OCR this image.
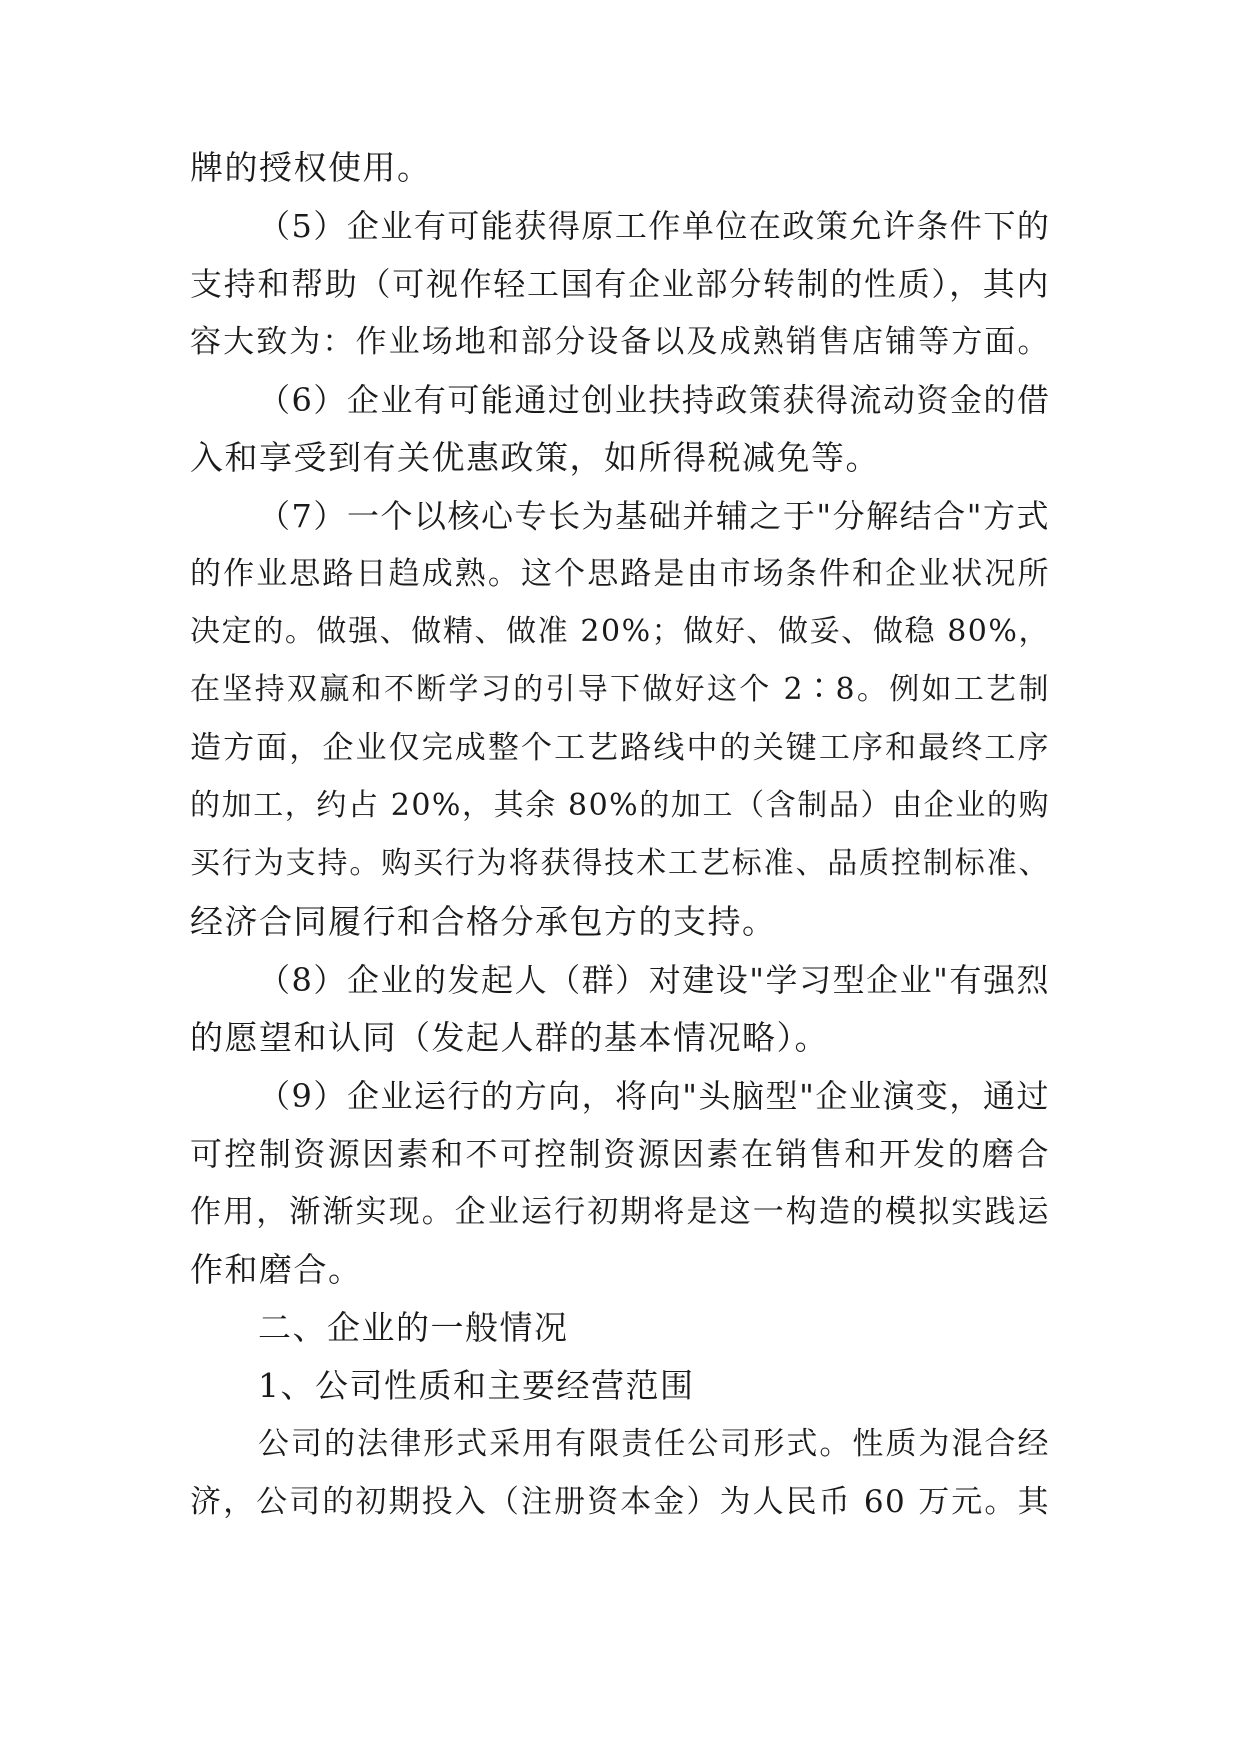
牌的授权使用。
（5）企业有可能获得原工作单位在政策允许条件下的
支持和帮助（可视作轻工国有企业部分转制的性质），其内
容大致为：作业场地和部分设备以及成熟销售店铺等方面。
（6）企业有可能通过创业扶持政策获得流动资金的借
入和享受到有关优惠政策，如所得税减免等。
（7）一个以核心专长为基础并辅之于"分解结合"方式
的作业思路日趋成熟。这个思路是由市场条件和企业状况所
决定的。做强、做精、做准 20%；做好、做妥、做稳 80%，
在坚持双赢和不断学习的引导下做好这个 2∶8。例如工艺制
造方面，企业仅完成整个工艺路线中的关键工序和最终工序
的加工，约占 20%，其余 80%的加工（含制品）由企业的购
买行为支持。购买行为将获得技术工艺标准、品质控制标准、
经济合同履行和合格分承包方的支持。
（8）企业的发起人（群）对建设"学习型企业"有强烈
的愿望和认同（发起人群的基本情况略）。
（9）企业运行的方向，将向"头脑型"企业演变，通过
可控制资源因素和不可控制资源因素在销售和开发的磨合
作用，渐渐实现。企业运行初期将是这一构造的模拟实践运
作和磨合。
二、企业的一般情况
1、公司性质和主要经营范围
公司的法律形式采用有限责任公司形式。性质为混合经
济，公司的初期投入（注册资本金）为人民币 60 万元。其
